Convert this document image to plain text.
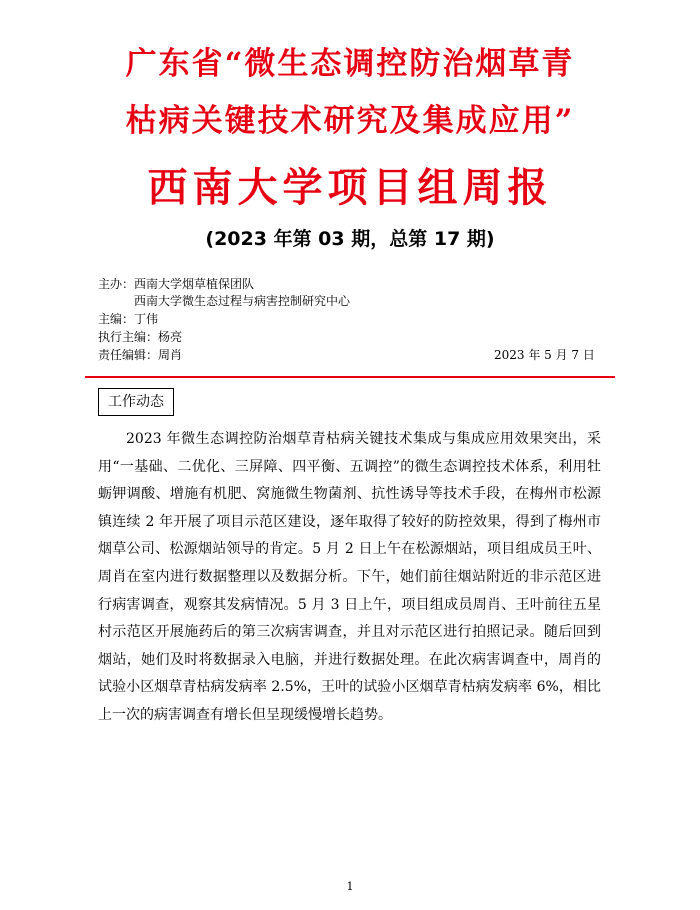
广东省“微生态调控防治烟草青
枯病关键技术研究及集成应用”
西南大学项目组周报
(2023 年第 03 期，总第 17 期)
主办： 西南大学烟草植保团队
西南大学微生态过程与病害控制研究中心
主编：丁伟
执行主编：杨亮
责任编辑：周肖	2023 年 5 月 7 日
工作动态

2023 年微生态调控防治烟草青枯病关键技术集成与集成应用效果突出，采用“一基础、二优化、三屏障、四平衡、五调控”的微生态调控技术体系，利用牡蛎钾调酸、增施有机肥、窝施微生物菌剂、抗性诱导等技术手段，在梅州市松源镇连续 2 年开展了项目示范区建设，逐年取得了较好的防控效果，得到了梅州市烟草公司、松源烟站领导的肯定。5 月 2 日上午在松源烟站，项目组成员王叶、周肖在室内进行数据整理以及数据分析。下午，她们前往烟站附近的非示范区进行病害调查，观察其发病情况。5 月 3 日上午，项目组成员周肖、王叶前往五星村示范区开展施药后的第三次病害调查，并且对示范区进行拍照记录。随后回到烟站，她们及时将数据录入电脑，并进行数据处理。在此次病害调查中，周肖的试验小区烟草青枯病发病率 2.5%，王叶的试验小区烟草青枯病发病率 6%，相比上一次的病害调查有增长但呈现缓慢增长趋势。

1
